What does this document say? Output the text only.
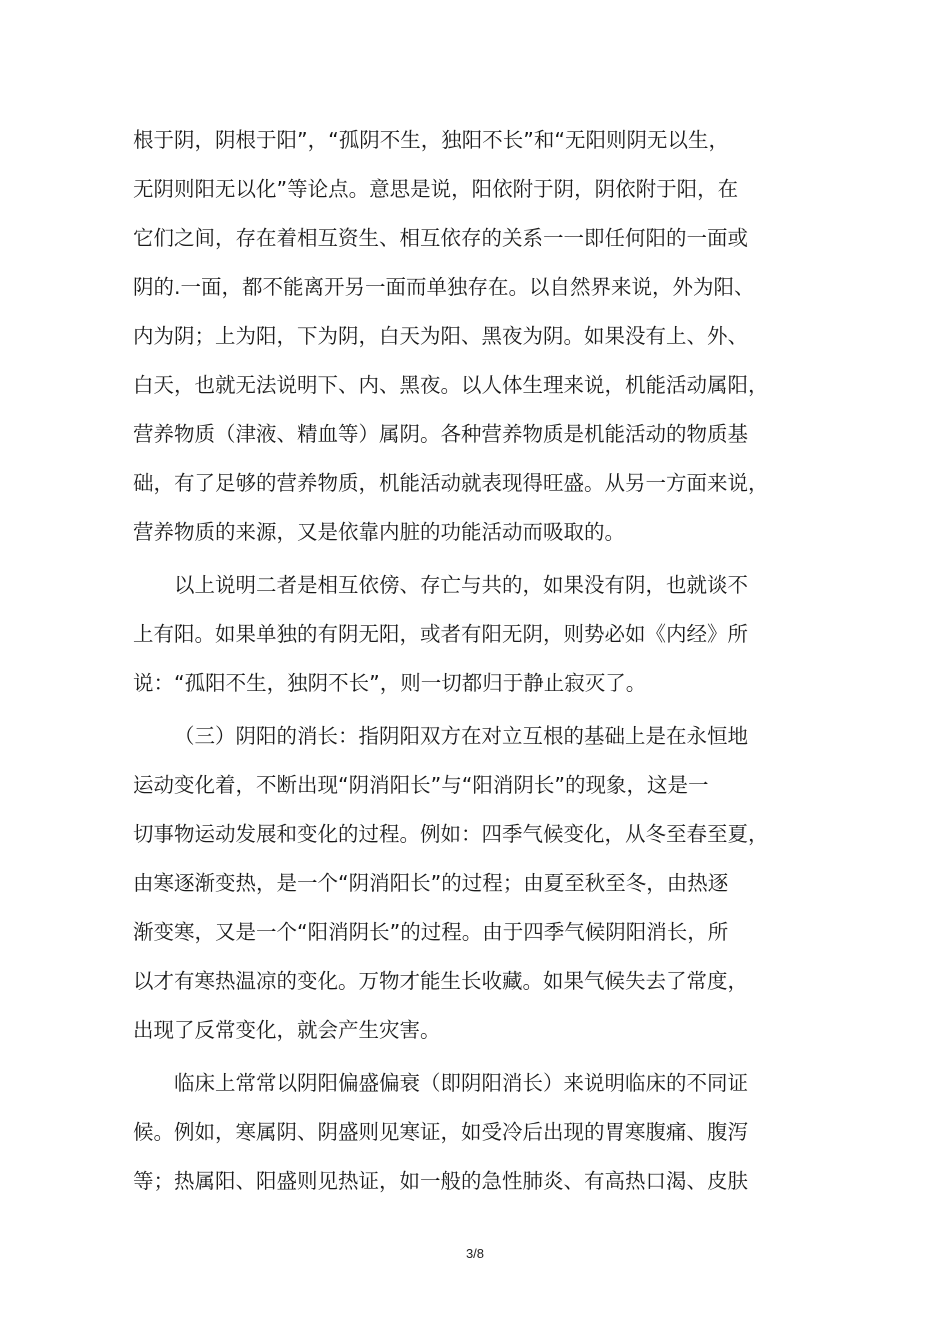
根于阴，阴根于阳”，“孤阴不生，独阳不长”和“无阳则阴无以生，
无阴则阳无以化”等论点。意思是说，阳依附于阴，阴依附于阳，在
它们之间，存在着相互资生、相互依存的关系一一即任何阳的一面或
阴的.一面，都不能离开另一面而单独存在。以自然界来说，外为阳、
内为阴；上为阳，下为阴，白天为阳、黑夜为阴。如果没有上、外、
白天，也就无法说明下、内、黑夜。以人体生理来说，机能活动属阳，
营养物质（津液、精血等）属阴。各种营养物质是机能活动的物质基
础，有了足够的营养物质，机能活动就表现得旺盛。从另一方面来说，
营养物质的来源，又是依靠内脏的功能活动而吸取的。
以上说明二者是相互依傍、存亡与共的，如果没有阴，也就谈不
上有阳。如果单独的有阴无阳，或者有阳无阴，则势必如《内经》所
说：“孤阳不生，独阴不长”，则一切都归于静止寂灭了。
（三）阴阳的消长：指阴阳双方在对立互根的基础上是在永恒地
运动变化着，不断出现“阴消阳长”与“阳消阴长”的现象，这是一
切事物运动发展和变化的过程。例如：四季气候变化，从冬至春至夏，
由寒逐渐变热，是一个“阴消阳长”的过程；由夏至秋至冬，由热逐
渐变寒，又是一个“阳消阴长”的过程。由于四季气候阴阳消长，所
以才有寒热温凉的变化。万物才能生长收藏。如果气候失去了常度，
出现了反常变化，就会产生灾害。
临床上常常以阴阳偏盛偏衰（即阴阳消长）来说明临床的不同证
候。例如，寒属阴、阴盛则见寒证，如受冷后出现的胃寒腹痛、腹泻
等；热属阳、阳盛则见热证，如一般的急性肺炎、有高热口渴、皮肤
3/8
